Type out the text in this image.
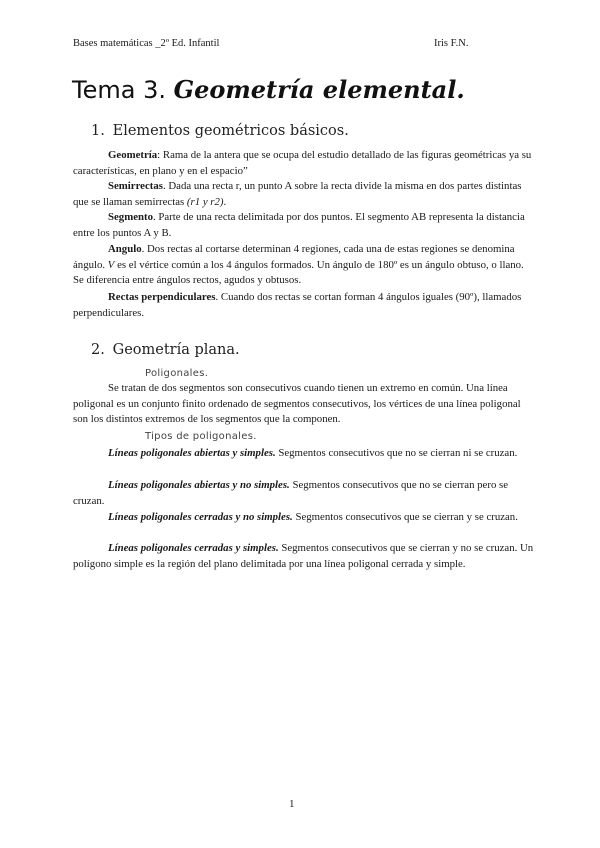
Bases matemáticas _2º Ed. Infantil	Iris F.N.
Tema 3. Geometría elemental.
1. Elementos geométricos básicos.
Geometría: Rama de la antera que se ocupa del estudio detallado de las figuras geométricas ya su características, en plano y en el espacio”
Semirrectas. Dada una recta r, un punto A sobre la recta divide la misma en dos partes distintas que se llaman semirrectas (r1 y r2).
Segmento. Parte de una recta delimitada por dos puntos. El segmento AB representa la distancia entre los puntos A y B.
Angulo. Dos rectas al cortarse determinan 4 regiones, cada una de estas regiones se denomina ángulo. V es el vértice común a los 4 ángulos formados. Un ángulo de 180º es un ángulo obtuso, o llano. Se diferencia entre ángulos rectos, agudos y obtusos.
Rectas perpendiculares. Cuando dos rectas se cortan forman 4 ángulos iguales (90º), llamados perpendiculares.
2. Geometría plana.
Poligonales.
Se tratan de dos segmentos son consecutivos cuando tienen un extremo en común. Una línea poligonal es un conjunto finito ordenado de segmentos consecutivos, los vértices de una línea poligonal son los distintos extremos de los segmentos que la componen.
Tipos de poligonales.
Líneas poligonales abiertas y simples. Segmentos consecutivos que no se cierran ni se cruzan.
Líneas poligonales abiertas y no simples. Segmentos consecutivos que no se cierran pero se cruzan.
Líneas poligonales cerradas y no simples. Segmentos consecutivos que se cierran y se cruzan.
Líneas poligonales cerradas y simples. Segmentos consecutivos que se cierran y no se cruzan. Un polígono simple es la región del plano delimitada por una línea poligonal cerrada y simple.
1
